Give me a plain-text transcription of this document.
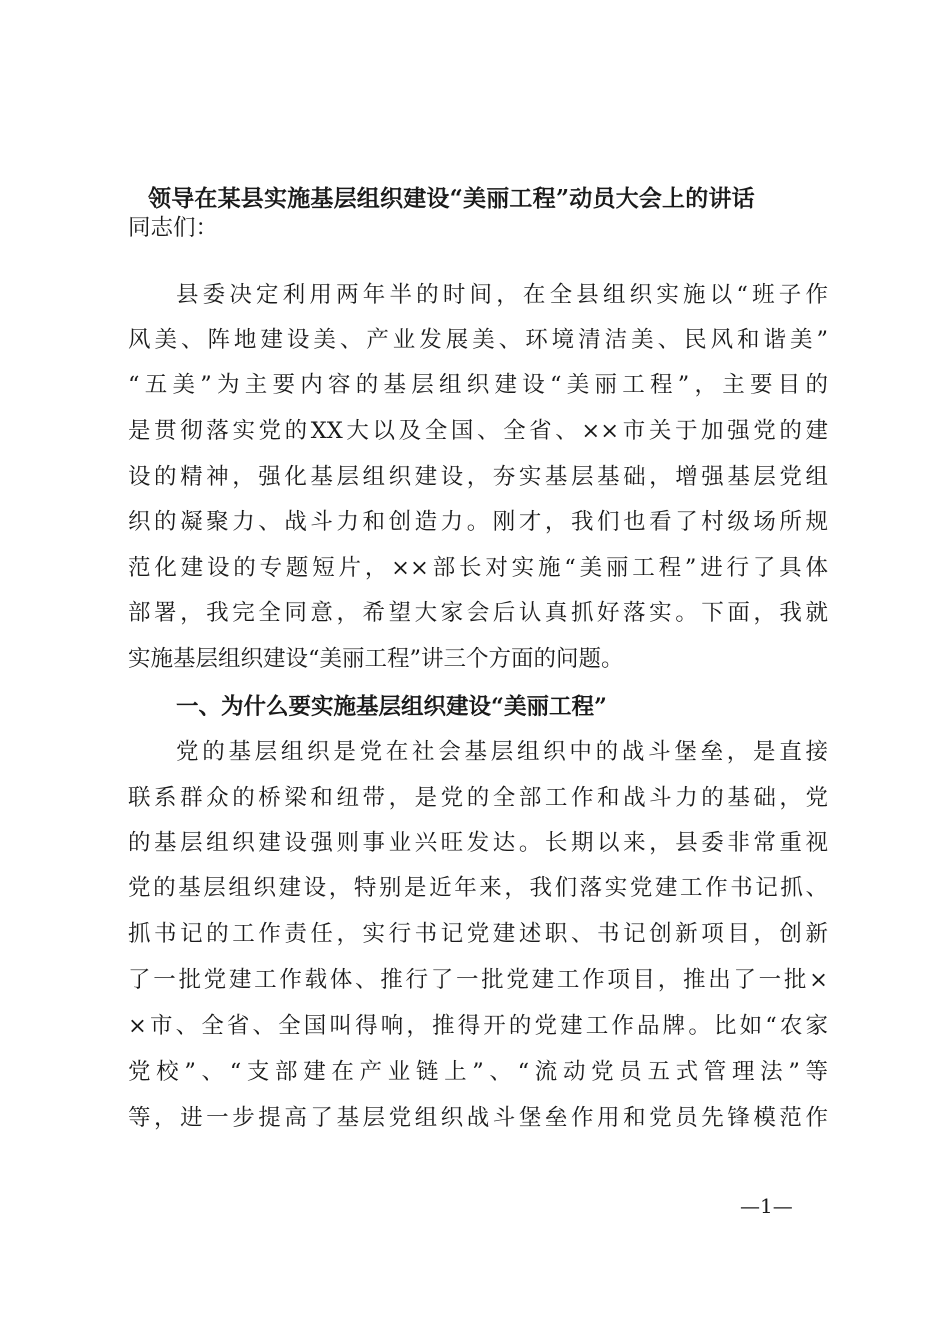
领导在某县实施基层组织建设“美丽工程”动员大会上的讲话
同志们：
县委决定利用两年半的时间，在全县组织实施以“班子作
风美、阵地建设美、产业发展美、环境清洁美、民风和谐美”
“五美”为主要内容的基层组织建设“美丽工程”，主要目的
是贯彻落实党的XX大以及全国、全省、××市关于加强党的建
设的精神，强化基层组织建设，夯实基层基础，增强基层党组
织的凝聚力、战斗力和创造力。刚才，我们也看了村级场所规
范化建设的专题短片，××部长对实施“美丽工程”进行了具体
部署，我完全同意，希望大家会后认真抓好落实。下面，我就
实施基层组织建设“美丽工程”讲三个方面的问题。
一、为什么要实施基层组织建设“美丽工程”
党的基层组织是党在社会基层组织中的战斗堡垒，是直接
联系群众的桥梁和纽带，是党的全部工作和战斗力的基础，党
的基层组织建设强则事业兴旺发达。长期以来，县委非常重视
党的基层组织建设，特别是近年来，我们落实党建工作书记抓、
抓书记的工作责任，实行书记党建述职、书记创新项目，创新
了一批党建工作载体、推行了一批党建工作项目，推出了一批×
×市、全省、全国叫得响，推得开的党建工作品牌。比如“农家
党校”、“支部建在产业链上”、“流动党员五式管理法”等
等，进一步提高了基层党组织战斗堡垒作用和党员先锋模范作
—1—
